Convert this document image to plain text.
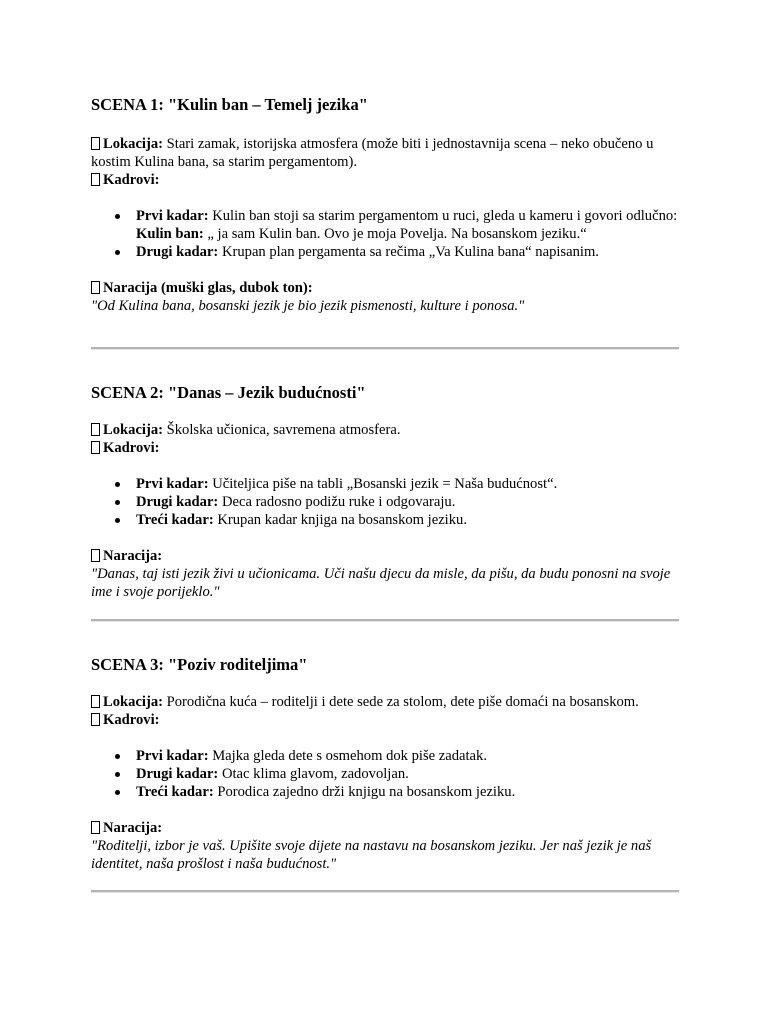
SCENA 1: "Kulin ban – Temelj jezika"
Lokacija: Stari zamak, istorijska atmosfera (može biti i jednostavnija scena – neko obučeno u kostim Kulina bana, sa starim pergamentom).
Kadrovi:
Prvi kadar: Kulin ban stoji sa starim pergamentom u ruci, gleda u kameru i govori odlučno:
Kulin ban: „ ja sam Kulin ban. Ovo je moja Povelja. Na bosanskom jeziku.“
Drugi kadar: Krupan plan pergamenta sa rečima „Va Kulina bana“ napisanim.
Naracija (muški glas, dubok ton):
"Od Kulina bana, bosanski jezik je bio jezik pismenosti, kulture i ponosa."
SCENA 2: "Danas – Jezik budućnosti"
Lokacija: Školska učionica, savremena atmosfera.
Kadrovi:
Prvi kadar: Učiteljica piše na tabli „Bosanski jezik = Naša budućnost“.
Drugi kadar: Deca radosno podižu ruke i odgovaraju.
Treći kadar: Krupan kadar knjiga na bosanskom jeziku.
Naracija:
"Danas, taj isti jezik živi u učionicama. Uči našu djecu da misle, da pišu, da budu ponosni na svoje ime i svoje porijeklo."
SCENA 3: "Poziv roditeljima"
Lokacija: Porodična kuća – roditelji i dete sede za stolom, dete piše domaći na bosanskom.
Kadrovi:
Prvi kadar: Majka gleda dete s osmehom dok piše zadatak.
Drugi kadar: Otac klima glavom, zadovoljan.
Treći kadar: Porodica zajedno drži knjigu na bosanskom jeziku.
Naracija:
"Roditelji, izbor je vaš. Upišite svoje dijete na nastavu na bosanskom jeziku. Jer naš jezik je naš identitet, naša prošlost i naša budućnost."
